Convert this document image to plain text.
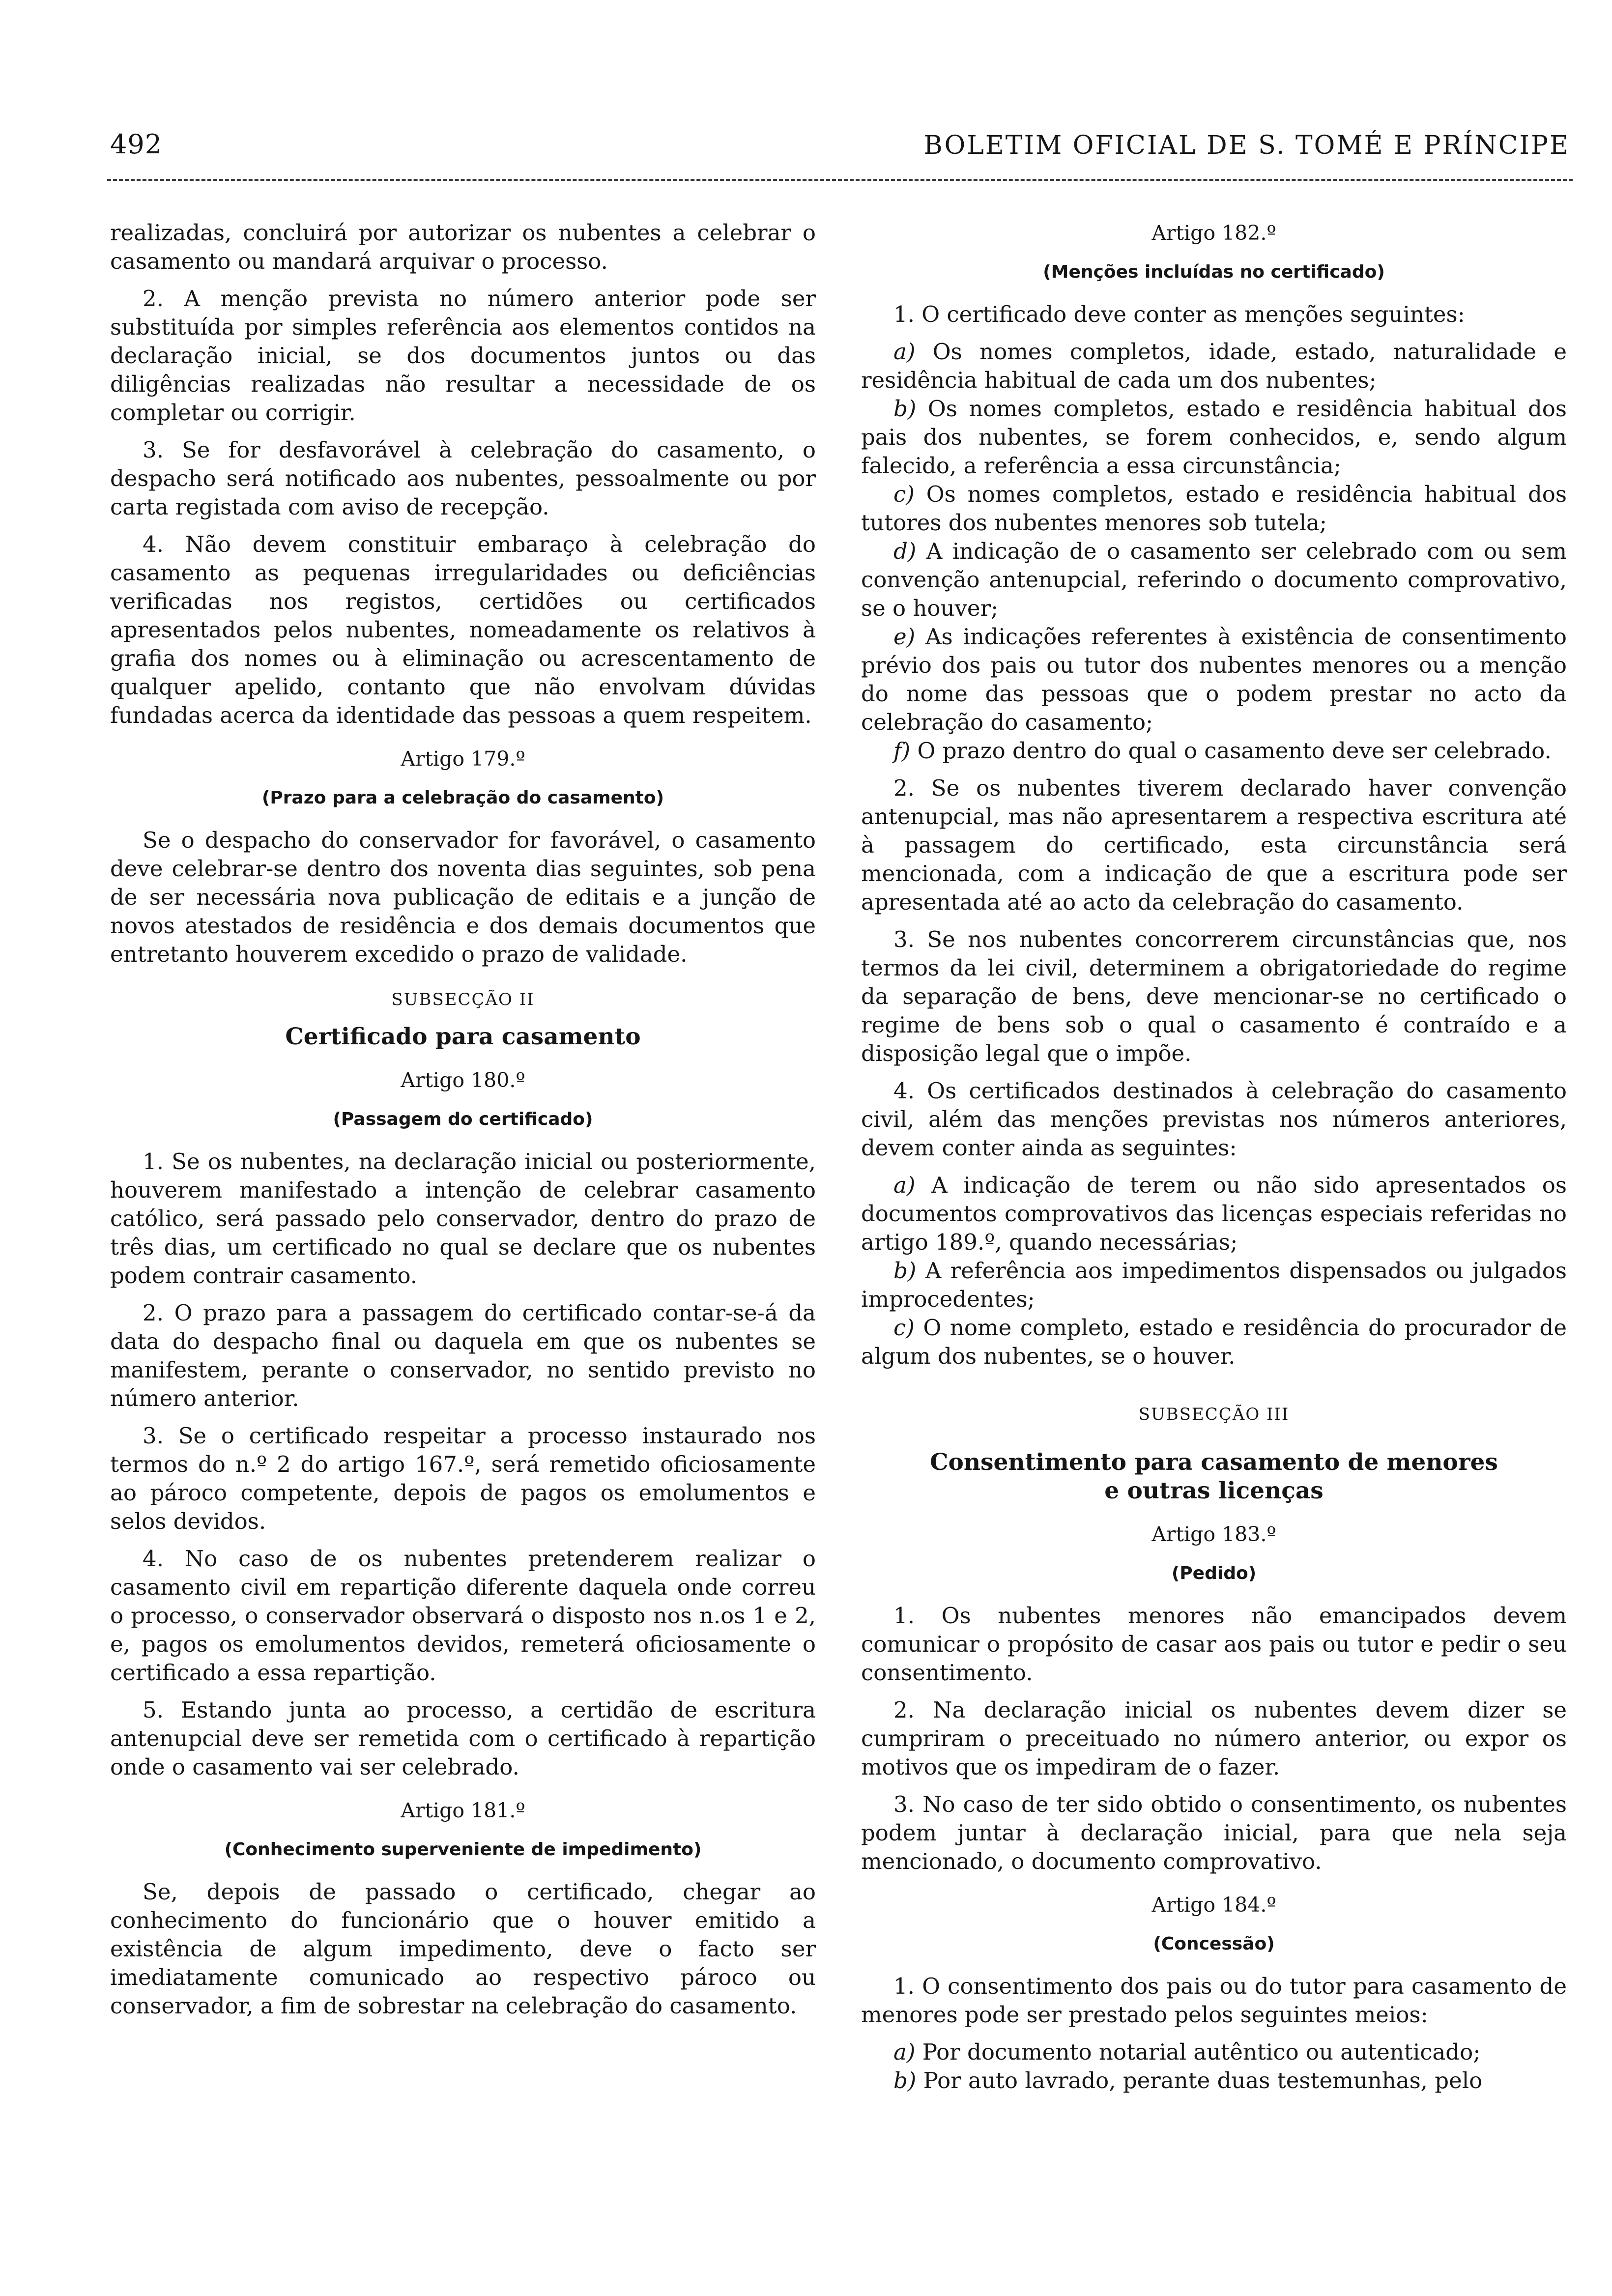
492	BOLETIM OFICIAL DE S. TOMÉ E PRÍNCIPE

realizadas, concluirá por autorizar os nubentes a celebrar o casamento ou mandará arquivar o processo.

2. A menção prevista no número anterior pode ser substituída por simples referência aos elementos contidos na declaração inicial, se dos documentos juntos ou das diligências realizadas não resultar a necessidade de os completar ou corrigir.

3. Se for desfavorável à celebração do casamento, o despacho será notificado aos nubentes, pessoalmente ou por carta registada com aviso de recepção.

4. Não devem constituir embaraço à celebração do casamento as pequenas irregularidades ou deficiências verificadas nos registos, certidões ou certificados apresentados pelos nubentes, nomeadamente os relativos à grafia dos nomes ou à eliminação ou acrescentamento de qualquer apelido, contanto que não envolvam dúvidas fundadas acerca da identidade das pessoas a quem respeitem.

Artigo 179.º
(Prazo para a celebração do casamento)

Se o despacho do conservador for favorável, o casamento deve celebrar-se dentro dos noventa dias seguintes, sob pena de ser necessária nova publicação de editais e a junção de novos atestados de residência e dos demais documentos que entretanto houverem excedido o prazo de validade.

SUBSECÇÃO II
Certificado para casamento
Artigo 180.º
(Passagem do certificado)

1. Se os nubentes, na declaração inicial ou posteriormente, houverem manifestado a intenção de celebrar casamento católico, será passado pelo conservador, dentro do prazo de três dias, um certificado no qual se declare que os nubentes podem contrair casamento.

2. O prazo para a passagem do certificado contar-se-á da data do despacho final ou daquela em que os nubentes se manifestem, perante o conservador, no sentido previsto no número anterior.

3. Se o certificado respeitar a processo instaurado nos termos do n.º 2 do artigo 167.º, será remetido oficiosamente ao pároco competente, depois de pagos os emolumentos e selos devidos.

4. No caso de os nubentes pretenderem realizar o casamento civil em repartição diferente daquela onde correu o processo, o conservador observará o disposto nos n.os 1 e 2, e, pagos os emolumentos devidos, remeterá oficiosamente o certificado a essa repartição.

5. Estando junta ao processo, a certidão de escritura antenupcial deve ser remetida com o certificado à repartição onde o casamento vai ser celebrado.

Artigo 181.º
(Conhecimento superveniente de impedimento)

Se, depois de passado o certificado, chegar ao conhecimento do funcionário que o houver emitido a existência de algum impedimento, deve o facto ser imediatamente comunicado ao respectivo pároco ou conservador, a fim de sobrestar na celebração do casamento.

Artigo 182.º
(Menções incluídas no certificado)

1. O certificado deve conter as menções seguintes:

a) Os nomes completos, idade, estado, naturalidade e residência habitual de cada um dos nubentes;

b) Os nomes completos, estado e residência habitual dos pais dos nubentes, se forem conhecidos, e, sendo algum falecido, a referência a essa circunstância;

c) Os nomes completos, estado e residência habitual dos tutores dos nubentes menores sob tutela;

d) A indicação de o casamento ser celebrado com ou sem convenção antenupcial, referindo o documento comprovativo, se o houver;

e) As indicações referentes à existência de consentimento prévio dos pais ou tutor dos nubentes menores ou a menção do nome das pessoas que o podem prestar no acto da celebração do casamento;

f) O prazo dentro do qual o casamento deve ser celebrado.

2. Se os nubentes tiverem declarado haver convenção antenupcial, mas não apresentarem a respectiva escritura até à passagem do certificado, esta circunstância será mencionada, com a indicação de que a escritura pode ser apresentada até ao acto da celebração do casamento.

3. Se nos nubentes concorrerem circunstâncias que, nos termos da lei civil, determinem a obrigatoriedade do regime da separação de bens, deve mencionar-se no certificado o regime de bens sob o qual o casamento é contraído e a disposição legal que o impõe.

4. Os certificados destinados à celebração do casamento civil, além das menções previstas nos números anteriores, devem conter ainda as seguintes:

a) A indicação de terem ou não sido apresentados os documentos comprovativos das licenças especiais referidas no artigo 189.º, quando necessárias;

b) A referência aos impedimentos dispensados ou julgados improcedentes;

c) O nome completo, estado e residência do procurador de algum dos nubentes, se o houver.

SUBSECÇÃO III
Consentimento para casamento de menores
e outras licenças
Artigo 183.º
(Pedido)

1. Os nubentes menores não emancipados devem comunicar o propósito de casar aos pais ou tutor e pedir o seu consentimento.

2. Na declaração inicial os nubentes devem dizer se cumpriram o preceituado no número anterior, ou expor os motivos que os impediram de o fazer.

3. No caso de ter sido obtido o consentimento, os nubentes podem juntar à declaração inicial, para que nela seja mencionado, o documento comprovativo.

Artigo 184.º
(Concessão)

1. O consentimento dos pais ou do tutor para casamento de menores pode ser prestado pelos seguintes meios:

a) Por documento notarial autêntico ou autenticado;

b) Por auto lavrado, perante duas testemunhas, pelo
